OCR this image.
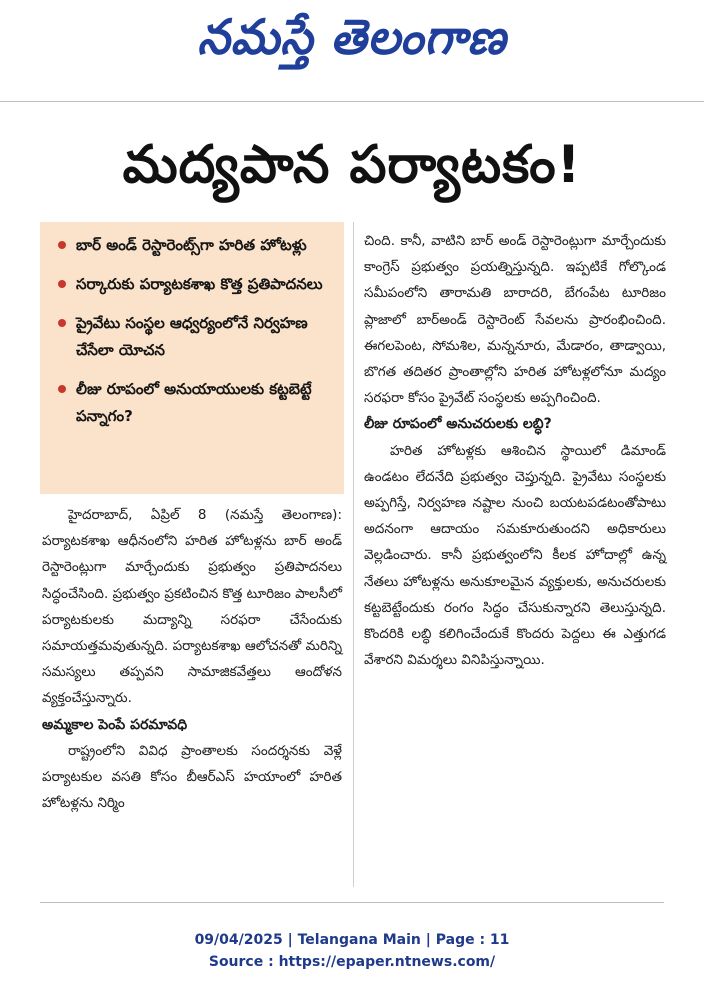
నమస్తే తెలంగాణ
మద్యపాన పర్యాటకం!
బార్ అండ్ రెస్టారెంట్స్‌గా హరిత హోటళ్లు
సర్కారుకు పర్యాటకశాఖ కొత్త ప్రతిపాదనలు
ప్రైవేటు సంస్థల ఆధ్వర్యంలోనే నిర్వహణ చేసేలా యోచన
లీజు రూపంలో అనుయాయులకు కట్టబెట్టే పన్నాగం?

హైదరాబాద్, ఏప్రిల్ 8 (నమస్తే తెలంగాణ): పర్యాటకశాఖ ఆధీనంలోని హరిత హోటళ్లను బార్ అండ్ రెస్టారెంట్లుగా మార్చేందుకు ప్రభుత్వం ప్రతిపాదనలు సిద్ధంచేసింది. ప్రభుత్వం ప్రకటించిన కొత్త టూరిజం పాలసీలో పర్యాటకులకు మద్యాన్ని సరఫరా చేసేందుకు సమాయత్తమవుతున్నది. పర్యాటకశాఖ ఆలోచనతో మరిన్ని సమస్యలు తప్పవని సామాజికవేత్తలు ఆందోళన వ్యక్తంచేస్తున్నారు.

అమ్మకాల పెంపే పరమావధి

రాష్ట్రంలోని వివిధ ప్రాంతాలకు సందర్శనకు వెళ్లే పర్యాటకుల వసతి కోసం బీఆర్‌ఎస్ హయాంలో హరిత హోటళ్లను నిర్మిం

చింది. కానీ, వాటిని బార్ అండ్ రెస్టారెంట్లుగా మార్చేందుకు కాంగ్రెస్ ప్రభుత్వం ప్రయత్నిస్తున్నది. ఇప్పటికే గోల్కొండ సమీపంలోని తారామతి బారాదరి, బేగంపేట టూరిజం ప్లాజాలో బార్‌అండ్ రెస్టారెంట్ సేవలను ప్రారంభించింది. ఈగలపెంట, సోమశిల, మన్ననూరు, మేడారం, తాడ్వాయి, బొగత తదితర ప్రాంతాల్లోని హరిత హోటళ్లలోనూ మద్యం సరఫరా కోసం ప్రైవేట్ సంస్థలకు అప్పగించింది.

లీజు రూపంలో అనుచరులకు లబ్ధి?

హరిత హోటళ్లకు ఆశించిన స్థాయిలో డిమాండ్ ఉండటం లేదనేది ప్రభుత్వం చెప్తున్నది. ప్రైవేటు సంస్థలకు అప్పగిస్తే, నిర్వహణ నష్టాల నుంచి బయటపడటంతోపాటు అదనంగా ఆదాయం సమకూరుతుందని అధికారులు వెల్లడించారు. కానీ ప్రభుత్వంలోని కీలక హోదాల్లో ఉన్న నేతలు హోటళ్లను అనుకూలమైన వ్యక్తులకు, అనుచరులకు కట్టబెట్టేందుకు రంగం సిద్ధం చేసుకున్నారని తెలుస్తున్నది. కొందరికి లబ్ధి కలిగించేందుకే కొందరు పెద్దలు ఈ ఎత్తుగడ వేశారని విమర్శలు వినిపిస్తున్నాయి.

09/04/2025 | Telangana Main | Page : 11
Source : https://epaper.ntnews.com/
